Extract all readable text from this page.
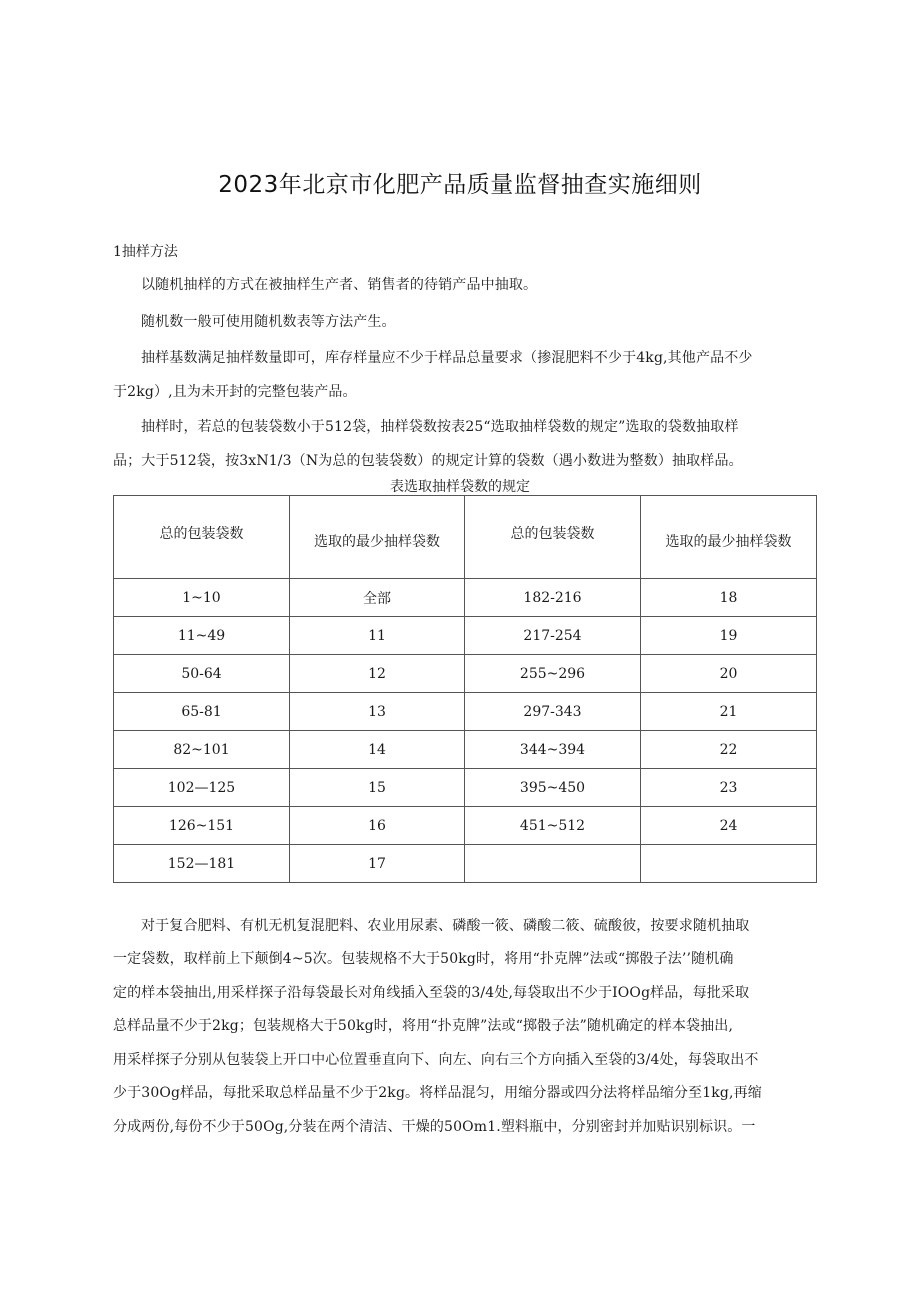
2023年北京市化肥产品质量监督抽查实施细则
1抽样方法
以随机抽样的方式在被抽样生产者、销售者的待销产品中抽取。
随机数一般可使用随机数表等方法产生。
抽样基数满足抽样数量即可，库存样量应不少于样品总量要求（掺混肥料不少于4kg,其他产品不少
于2kg）,且为未开封的完整包装产品。
抽样时，若总的包装袋数小于512袋，抽样袋数按表25“选取抽样袋数的规定”选取的袋数抽取样
品；大于512袋，按3xN1/3（N为总的包装袋数）的规定计算的袋数（遇小数进为整数）抽取样品。
表选取抽样袋数的规定
总的包装袋数	选取的最少抽样袋数	总的包装袋数	选取的最少抽样袋数
1~10	全部	182-216	18
11~49	11	217-254	19
50-64	12	255~296	20
65-81	13	297-343	21
82~101	14	344~394	22
102—125	15	395~450	23
126~151	16	451~512	24
152—181	17		
对于复合肥料、有机无机复混肥料、农业用尿素、磷酸一筱、磷酸二筱、硫酸彼，按要求随机抽取
一定袋数，取样前上下颠倒4~5次。包装规格不大于50kg时，将用“扑克牌”法或“掷骰子法’’随机确
定的样本袋抽出,用采样探子沿每袋最长对角线插入至袋的3/4处,每袋取出不少于IOOg样品，每批采取
总样品量不少于2kg；包装规格大于50kg时，将用“扑克牌”法或“掷骰子法”随机确定的样本袋抽出,
用采样探子分别从包装袋上开口中心位置垂直向下、向左、向右三个方向插入至袋的3/4处，每袋取出不
少于30Og样品，每批采取总样品量不少于2kg。将样品混匀，用缩分器或四分法将样品缩分至1kg,再缩
分成两份,每份不少于50Og,分装在两个清洁、干燥的50Om1.塑料瓶中，分别密封并加贴识别标识。一
